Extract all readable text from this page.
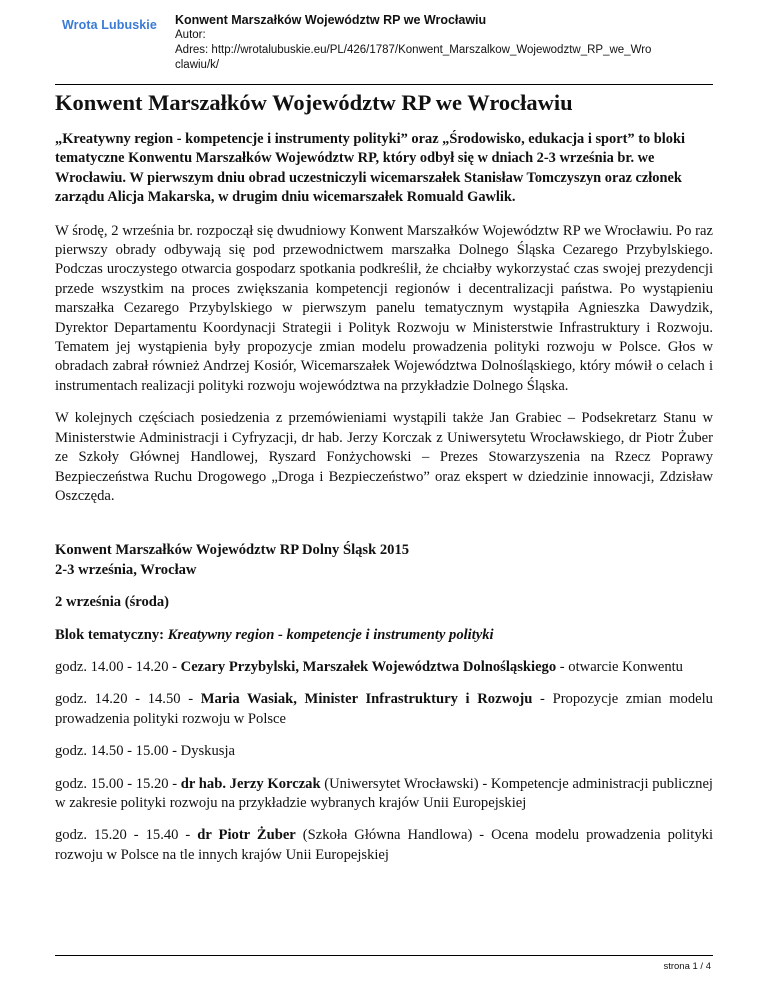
Wrota Lubuskie Konwent Marszałków Województw RP we Wrocławiu
Autor:
Adres: http://wrotalubuskie.eu/PL/426/1787/Konwent_Marszalkow_Wojewodztw_RP_we_Wro
clawiu/k/
Konwent Marszałków Województw RP we Wrocławiu

„Kreatywny region - kompetencje i instrumenty polityki” oraz „Środowisko, edukacja i sport” to bloki tematyczne Konwentu Marszałków Województw RP, który odbył się w dniach 2-3 września br. we Wrocławiu. W pierwszym dniu obrad uczestniczyli wicemarszałek Stanisław Tomczyszyn oraz członek zarządu Alicja Makarska, w drugim dniu wicemarszałek Romuald Gawlik.

W środę, 2 września br. rozpoczął się dwudniowy Konwent Marszałków Województw RP we Wrocławiu. Po raz pierwszy obrady odbywają się pod przewodnictwem marszałka Dolnego Śląska Cezarego Przybylskiego. Podczas uroczystego otwarcia gospodarz spotkania podkreślił, że chciałby wykorzystać czas swojej prezydencji przede wszystkim na proces zwiększania kompetencji regionów i decentralizacji państwa. Po wystąpieniu marszałka Cezarego Przybylskiego w pierwszym panelu tematycznym wystąpiła Agnieszka Dawydzik, Dyrektor Departamentu Koordynacji Strategii i Polityk Rozwoju w Ministerstwie Infrastruktury i Rozwoju. Tematem jej wystąpienia były propozycje zmian modelu prowadzenia polityki rozwoju w Polsce. Głos w obradach zabrał również Andrzej Kosiór, Wicemarszałek Województwa Dolnośląskiego, który mówił o celach i instrumentach realizacji polityki rozwoju województwa na przykładzie Dolnego Śląska.

W kolejnych częściach posiedzenia z przemówieniami wystąpili także Jan Grabiec – Podsekretarz Stanu w Ministerstwie Administracji i Cyfryzacji, dr hab. Jerzy Korczak z Uniwersytetu Wrocławskiego, dr Piotr Żuber ze Szkoły Głównej Handlowej, Ryszard Fonżychowski – Prezes Stowarzyszenia na Rzecz Poprawy Bezpieczeństwa Ruchu Drogowego „Droga i Bezpieczeństwo” oraz ekspert w dziedzinie innowacji, Zdzisław Oszczęda.

Konwent Marszałków Województw RP Dolny Śląsk 2015
2-3 września, Wrocław

2 września (środa)

Blok tematyczny: Kreatywny region - kompetencje i instrumenty polityki

godz. 14.00 - 14.20 - Cezary Przybylski, Marszałek Województwa Dolnośląskiego - otwarcie Konwentu

godz. 14.20 - 14.50 - Maria Wasiak, Minister Infrastruktury i Rozwoju - Propozycje zmian modelu prowadzenia polityki rozwoju w Polsce

godz. 14.50 - 15.00 - Dyskusja

godz. 15.00 - 15.20 - dr hab. Jerzy Korczak (Uniwersytet Wrocławski) - Kompetencje administracji publicznej w zakresie polityki rozwoju na przykładzie wybranych krajów Unii Europejskiej

godz. 15.20 - 15.40 - dr Piotr Żuber (Szkoła Główna Handlowa) - Ocena modelu prowadzenia polityki rozwoju w Polsce na tle innych krajów Unii Europejskiej

strona 1 / 4
